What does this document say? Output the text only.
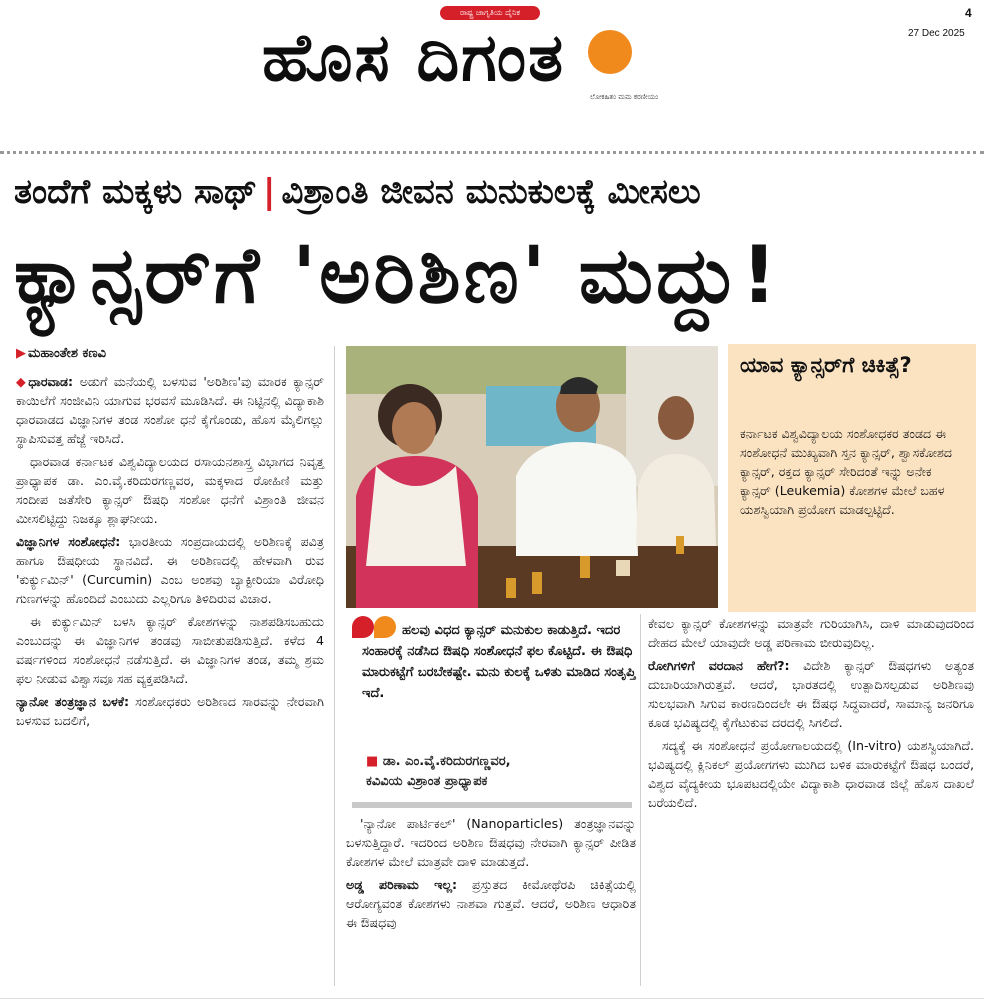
ರಾಷ್ಟ್ರ ಜಾಗೃತಿಯ ದೈನಿಕ
ಹೊಸ ದಿಗಂತ
ಲೋಕಹಿತಂ ಮಮ ಕರಣೀಯಂ
4
27 Dec 2025
ತಂದೆಗೆ ಮಕ್ಕಳು ಸಾಥ್ | ವಿಶ್ರಾಂತಿ ಜೀವನ ಮನುಕುಲಕ್ಕೆ ಮೀಸಲು
ಕ್ಯಾನ್ಸರ್‌ಗೆ 'ಅರಿಶಿಣ' ಮದ್ದು!
▶ ಮಹಾಂತೇಶ ಕಣವಿ

◆ಧಾರವಾಡ: ಅಡುಗೆ ಮನೆಯಲ್ಲಿ ಬಳಸುವ 'ಅರಿಶಿಣ'ವು ಮಾರಕ ಕ್ಯಾನ್ಸರ್ ಕಾಯಿಲೆಗೆ ಸಂಜೀವಿನಿ ಯಾಗುವ ಭರವಸೆ ಮೂಡಿಸಿದೆ. ಈ ನಿಟ್ಟಿನಲ್ಲಿ ವಿದ್ಯಾಕಾಶಿ ಧಾರವಾಡದ ವಿಜ್ಞಾನಿಗಳ ತಂಡ ಸಂಶೋ ಧನೆ ಕೈಗೊಂಡು, ಹೊಸ ಮೈಲಿಗಲ್ಲು ಸ್ಥಾಪಿಸುವತ್ತ ಹೆಜ್ಜೆ ಇರಿಸಿದೆ.

ಧಾರವಾಡ ಕರ್ನಾಟಕ ವಿಶ್ವವಿದ್ಯಾಲಯದ ರಸಾಯನಶಾಸ್ತ್ರ ವಿಭಾಗದ ನಿವೃತ್ತ ಪ್ರಾಧ್ಯಾಪಕ ಡಾ. ಎಂ.ವೈ.ಕರಿದುರಗಣ್ಣವರ, ಮಕ್ಕಳಾದ ರೋಹಿಣಿ ಮತ್ತು ಸಂದೀಪ ಜತೆಸೇರಿ ಕ್ಯಾನ್ಸರ್ ಔಷಧಿ ಸಂಶೋ ಧನೆಗೆ ವಿಶ್ರಾಂತಿ ಜೀವನ ಮೀಸಲಿಟ್ಟಿದ್ದು ನಿಜಕ್ಕೂ ಶ್ಲಾಘನೀಯ.

ವಿಜ್ಞಾನಿಗಳ ಸಂಶೋಧನೆ: ಭಾರತೀಯ ಸಂಪ್ರದಾಯದಲ್ಲಿ ಅರಿಶಿಣಕ್ಕೆ ಪವಿತ್ರ ಹಾಗೂ ಔಷಧೀಯ ಸ್ಥಾನವಿದೆ. ಈ ಅರಿಶಿಣದಲ್ಲಿ ಹೇಳವಾಗಿ ರುವ 'ಕುರ್ಕ್ಯುಮಿನ್' (Curcumin) ಎಂಬ ಅಂಶವು ಬ್ಯಾಕ್ಟೀರಿಯಾ ವಿರೋಧಿ ಗುಣಗಳನ್ನು ಹೊಂದಿದೆ ಎಂಬುದು ಎಲ್ಲರಿಗೂ ತಿಳಿದಿರುವ ವಿಚಾರ.

ಈ ಕುರ್ಕ್ಯುಮಿನ್ ಬಳಸಿ ಕ್ಯಾನ್ಸರ್ ಕೋಶಗಳನ್ನು ನಾಶಪಡಿಸಬಹುದು ಎಂಬುದನ್ನು ಈ ವಿಜ್ಞಾನಿಗಳ ತಂಡವು ಸಾಬೀತುಪಡಿಸುತ್ತಿದೆ. ಕಳೆದ 4 ವರ್ಷಗಳಿಂದ ಸಂಶೋಧನೆ ನಡೆಸುತ್ತಿದೆ. ಈ ವಿಜ್ಞಾನಿಗಳ ತಂಡ, ತಮ್ಮ ಶ್ರಮ ಫಲ ನೀಡುವ ವಿಶ್ವಾಸವೂ ಸಹ ವ್ಯಕ್ತಪಡಿಸಿದೆ.

ನ್ಯಾನೋ ತಂತ್ರಜ್ಞಾನ ಬಳಕೆ: ಸಂಶೋಧಕರು ಅರಿಶಿಣದ ಸಾರವನ್ನು ನೇರವಾಗಿ ಬಳಸುವ ಬದಲಿಗೆ,

ಯಾವ ಕ್ಯಾನ್ಸರ್‌ಗೆ ಚಿಕಿತ್ಸೆ?
ಕರ್ನಾಟಕ ವಿಶ್ವವಿದ್ಯಾಲಯ ಸಂಶೋಧಕರ ತಂಡದ ಈ ಸಂಶೋಧನೆ ಮುಖ್ಯವಾಗಿ ಸ್ತನ ಕ್ಯಾನ್ಸರ್, ಶ್ವಾಸಕೋಶದ ಕ್ಯಾನ್ಸರ್, ರಕ್ತದ ಕ್ಯಾನ್ಸರ್ ಸೇರಿದಂತೆ ಇನ್ನು ಅನೇಕ ಕ್ಯಾನ್ಸರ್ (Leukemia) ಕೋಶಗಳ ಮೇಲೆ ಬಹಳ ಯಶಸ್ವಿಯಾಗಿ ಪ್ರಯೋಗ ಮಾಡಲ್ಪಟ್ಟಿದೆ.
ಹಲವು ವಿಧದ ಕ್ಯಾನ್ಸರ್ ಮನುಕುಲ ಕಾಡುತ್ತಿದೆ. ಇದರ ಸಂಹಾರಕ್ಕೆ ನಡೆಸಿದ ಔಷಧಿ ಸಂಶೋಧನೆ ಫಲ ಕೊಟ್ಟಿದೆ. ಈ ಔಷಧಿ ಮಾರುಕಟ್ಟೆಗೆ ಬರಬೇಕಷ್ಟೇ. ಮನು ಕುಲಕ್ಕೆ ಒಳಿತು ಮಾಡಿದ ಸಂತೃಪ್ತಿ ಇದೆ.
■ ಡಾ. ಎಂ.ವೈ.ಕರಿದುರಗಣ್ಣವರ,
ಕವಿವಿಯ ವಿಶ್ರಾಂತ ಪ್ರಾಧ್ಯಾಪಕ

'ನ್ಯಾನೋ ಪಾರ್ಟಿಕಲ್' (Nanoparticles) ತಂತ್ರಜ್ಞಾನವನ್ನು ಬಳಸುತ್ತಿದ್ದಾರೆ. ಇದರಿಂದ ಅರಿಶಿಣ ಔಷಧವು ನೇರವಾಗಿ ಕ್ಯಾನ್ಸರ್ ಪೀಡಿತ ಕೋಶಗಳ ಮೇಲೆ ಮಾತ್ರವೇ ದಾಳಿ ಮಾಡುತ್ತದೆ.

ಅಡ್ಡ ಪರಿಣಾಮ ಇಲ್ಲ: ಪ್ರಸ್ತುತದ ಕೀಮೋಥೆರಪಿ ಚಿಕಿತ್ಸೆಯಲ್ಲಿ ಆರೋಗ್ಯವಂತ ಕೋಶಗಳು ನಾಶವಾ ಗುತ್ತವೆ. ಆದರೆ, ಅರಿಶಿಣ ಆಧಾರಿತ ಈ ಔಷಧವು

ಕೇವಲ ಕ್ಯಾನ್ಸರ್ ಕೋಶಗಳನ್ನು ಮಾತ್ರವೇ ಗುರಿಯಾಗಿಸಿ, ದಾಳಿ ಮಾಡುವುದರಿಂದ ದೇಹದ ಮೇಲೆ ಯಾವುದೇ ಅಡ್ಡ ಪರಿಣಾಮ ಬೀರುವುದಿಲ್ಲ.

ರೋಗಿಗಳಿಗೆ ವರದಾನ ಹೇಗೆ?: ವಿದೇಶಿ ಕ್ಯಾನ್ಸರ್ ಔಷಧಗಳು ಅತ್ಯಂತ ದುಬಾರಿಯಾಗಿರುತ್ತವೆ. ಆದರೆ, ಭಾರತದಲ್ಲಿ ಉತ್ಪಾದಿಸಲ್ಪಡುವ ಅರಿಶಿಣವು ಸುಲಭವಾಗಿ ಸಿಗುವ ಕಾರಣದಿಂದಲೇ ಈ ಔಷಧ ಸಿದ್ಧವಾದರೆ, ಸಾಮಾನ್ಯ ಜನರಿಗೂ ಕೂಡ ಭವಿಷ್ಯದಲ್ಲಿ ಕೈಗೆಟುಕುವ ದರದಲ್ಲಿ ಸಿಗಲಿದೆ.

ಸದ್ಯಕ್ಕೆ ಈ ಸಂಶೋಧನೆ ಪ್ರಯೋಗಾಲಯದಲ್ಲಿ (In-vitro) ಯಶಸ್ವಿಯಾಗಿದೆ. ಭವಿಷ್ಯದಲ್ಲಿ ಕ್ಲಿನಿಕಲ್ ಪ್ರಯೋಗಗಳು ಮುಗಿದ ಬಳಿಕ ಮಾರುಕಟ್ಟೆಗೆ ಔಷಧ ಬಂದರೆ, ವಿಶ್ವದ ವೈದ್ಯಕೀಯ ಭೂಪಟದಲ್ಲಿಯೇ ವಿದ್ಯಾಕಾಶಿ ಧಾರವಾಡ ಜಿಲ್ಲೆ ಹೊಸ ದಾಖಲೆ ಬರೆಯಲಿದೆ.
